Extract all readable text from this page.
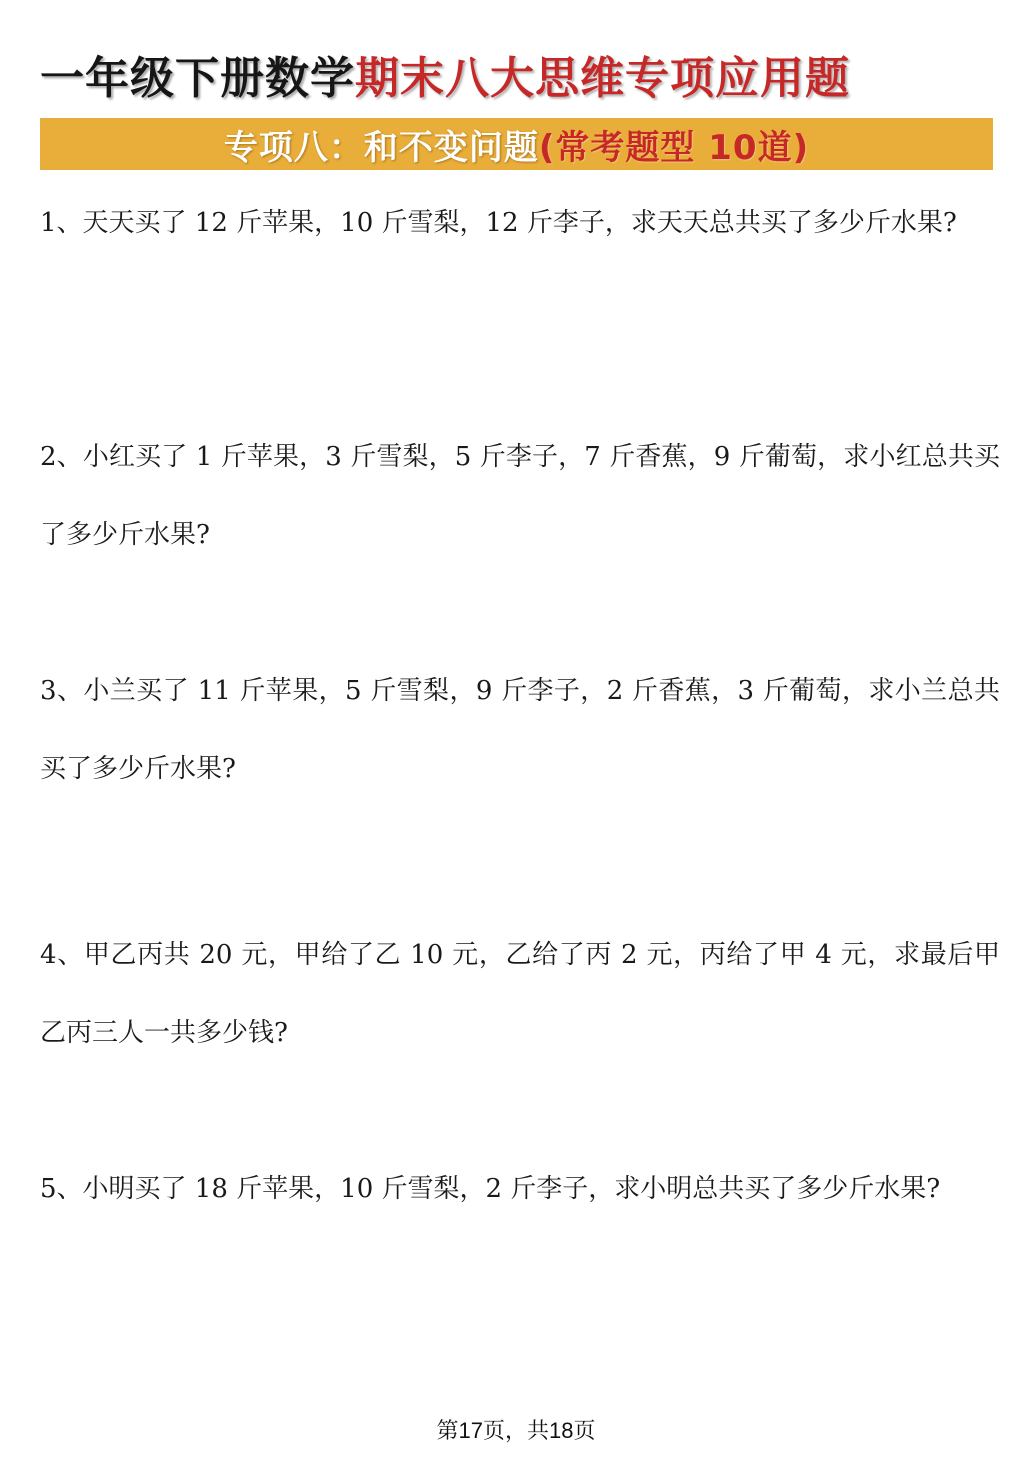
一年级下册数学期末八大思维专项应用题
专项八：和不变问题 (常考题型 10道)

1、天天买了 12 斤苹果，10 斤雪梨，12 斤李子，求天天总共买了多少斤水果?

2、小红买了 1 斤苹果，3 斤雪梨，5 斤李子，7 斤香蕉，9 斤葡萄，求小红总共买了多少斤水果?

3、小兰买了 11 斤苹果，5 斤雪梨，9 斤李子，2 斤香蕉，3 斤葡萄，求小兰总共买了多少斤水果?

4、甲乙丙共 20 元，甲给了乙 10 元，乙给了丙 2 元，丙给了甲 4 元，求最后甲乙丙三人一共多少钱?

5、小明买了 18 斤苹果，10 斤雪梨，2 斤李子，求小明总共买了多少斤水果?

第17页，共18页
